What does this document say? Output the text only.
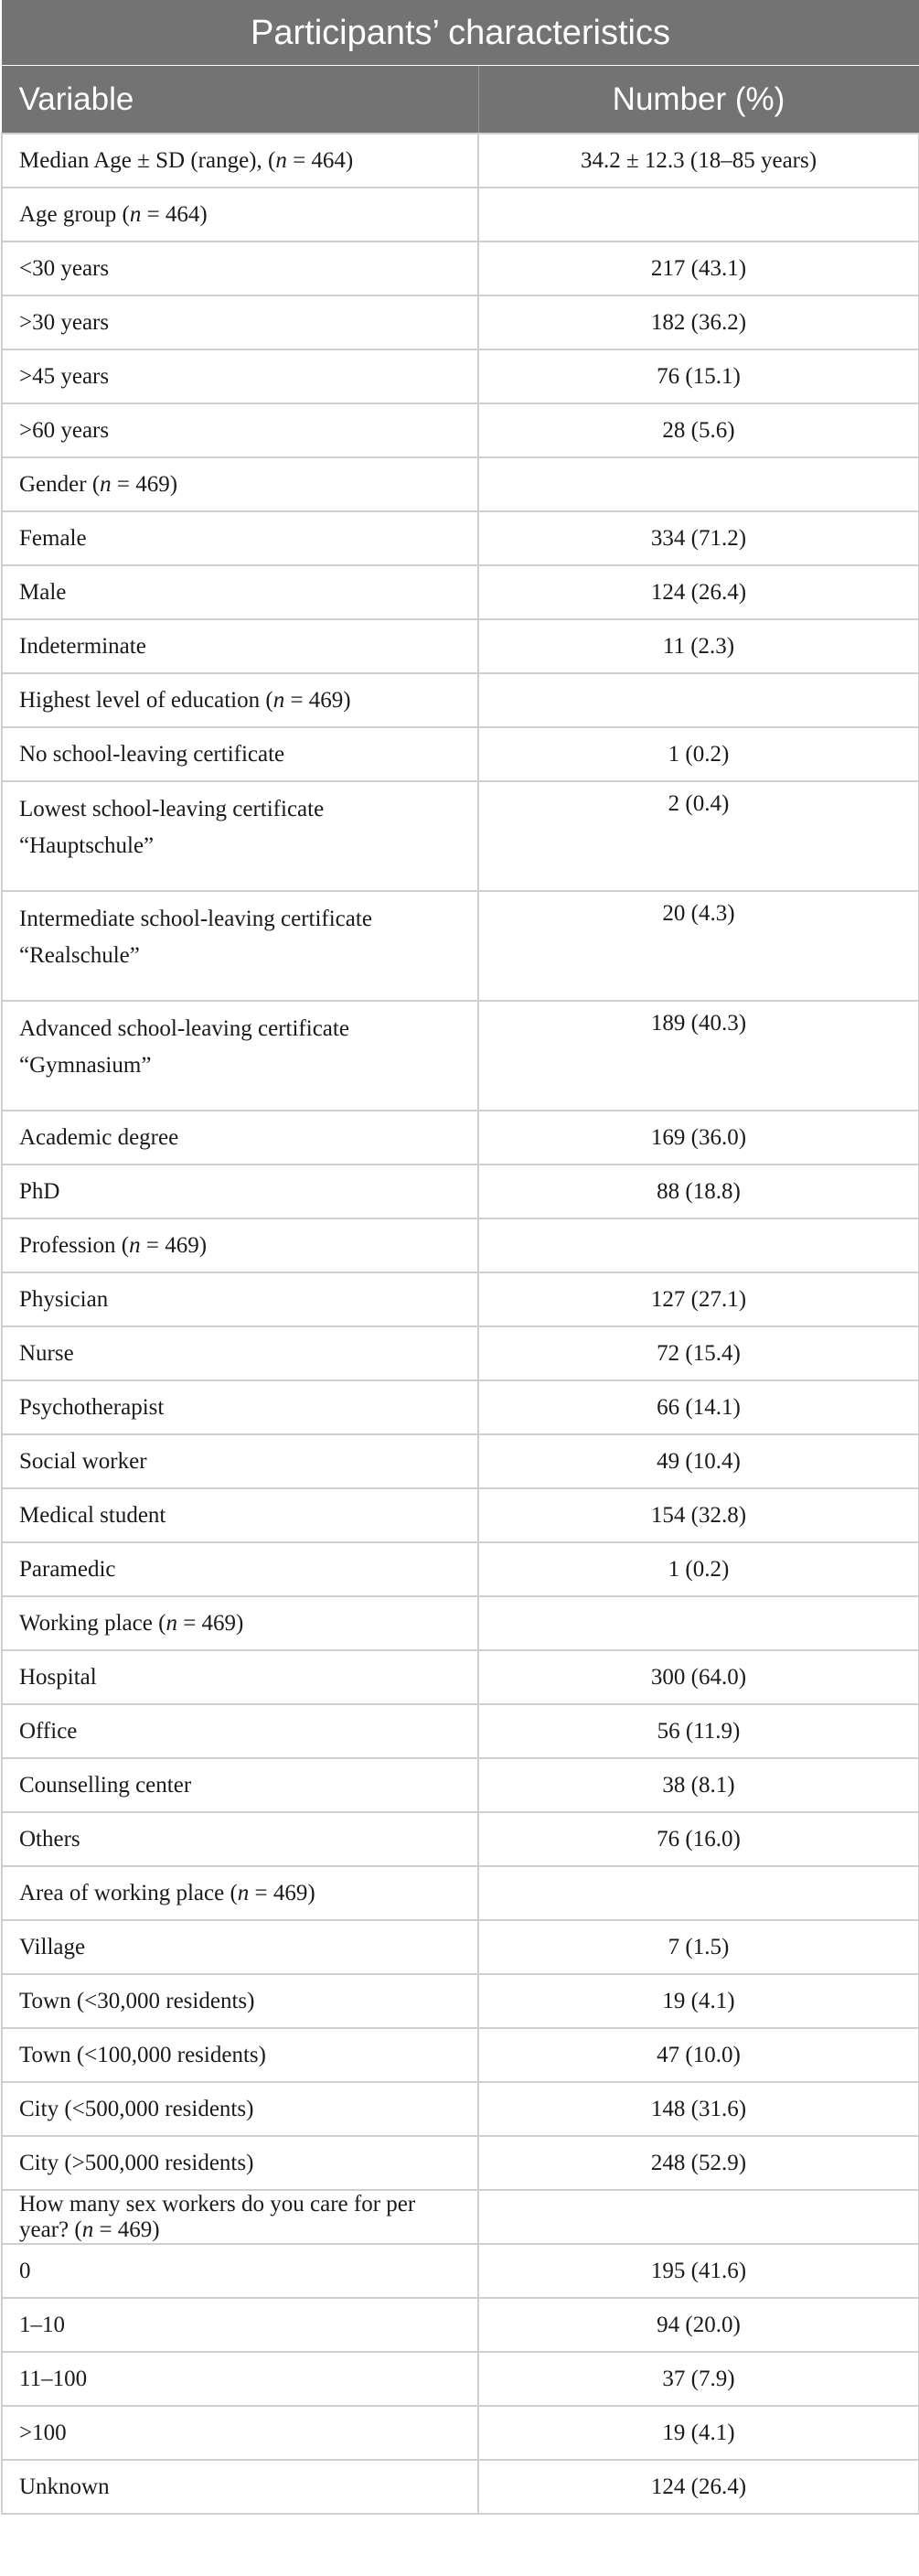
Participants’ characteristics	
Variable	Number (%)
Median Age ± SD (range), (n = 464)	34.2 ± 12.3 (18–85 years)
Age group (n = 464)	
<30 years	217 (43.1)
>30 years	182 (36.2)
>45 years	76 (15.1)
>60 years	28 (5.6)
Gender (n = 469)	
Female	334 (71.2)
Male	124 (26.4)
Indeterminate	11 (2.3)
Highest level of education (n = 469)	
No school-leaving certificate	1 (0.2)

Lowest school-leaving certificate
“Hauptschule”	2 (0.4)

Intermediate school-leaving certificate
“Realschule”	20 (4.3)

Advanced school-leaving certificate
“Gymnasium”	189 (40.3)
Academic degree	169 (36.0)
PhD	88 (18.8)
Profession (n = 469)	
Physician	127 (27.1)
Nurse	72 (15.4)
Psychotherapist	66 (14.1)
Social worker	49 (10.4)
Medical student	154 (32.8)
Paramedic	1 (0.2)
Working place (n = 469)	
Hospital	300 (64.0)
Office	56 (11.9)
Counselling center	38 (8.1)
Others	76 (16.0)
Area of working place (n = 469)	
Village	7 (1.5)
Town (<30,000 residents)	19 (4.1)
Town (<100,000 residents)	47 (10.0)
City (<500,000 residents)	148 (31.6)
City (>500,000 residents)	248 (52.9)
How many sex workers do you care for per year? (n = 469)	
0	195 (41.6)
1–10	94 (20.0)
11–100	37 (7.9)
>100	19 (4.1)
Unknown	124 (26.4)
